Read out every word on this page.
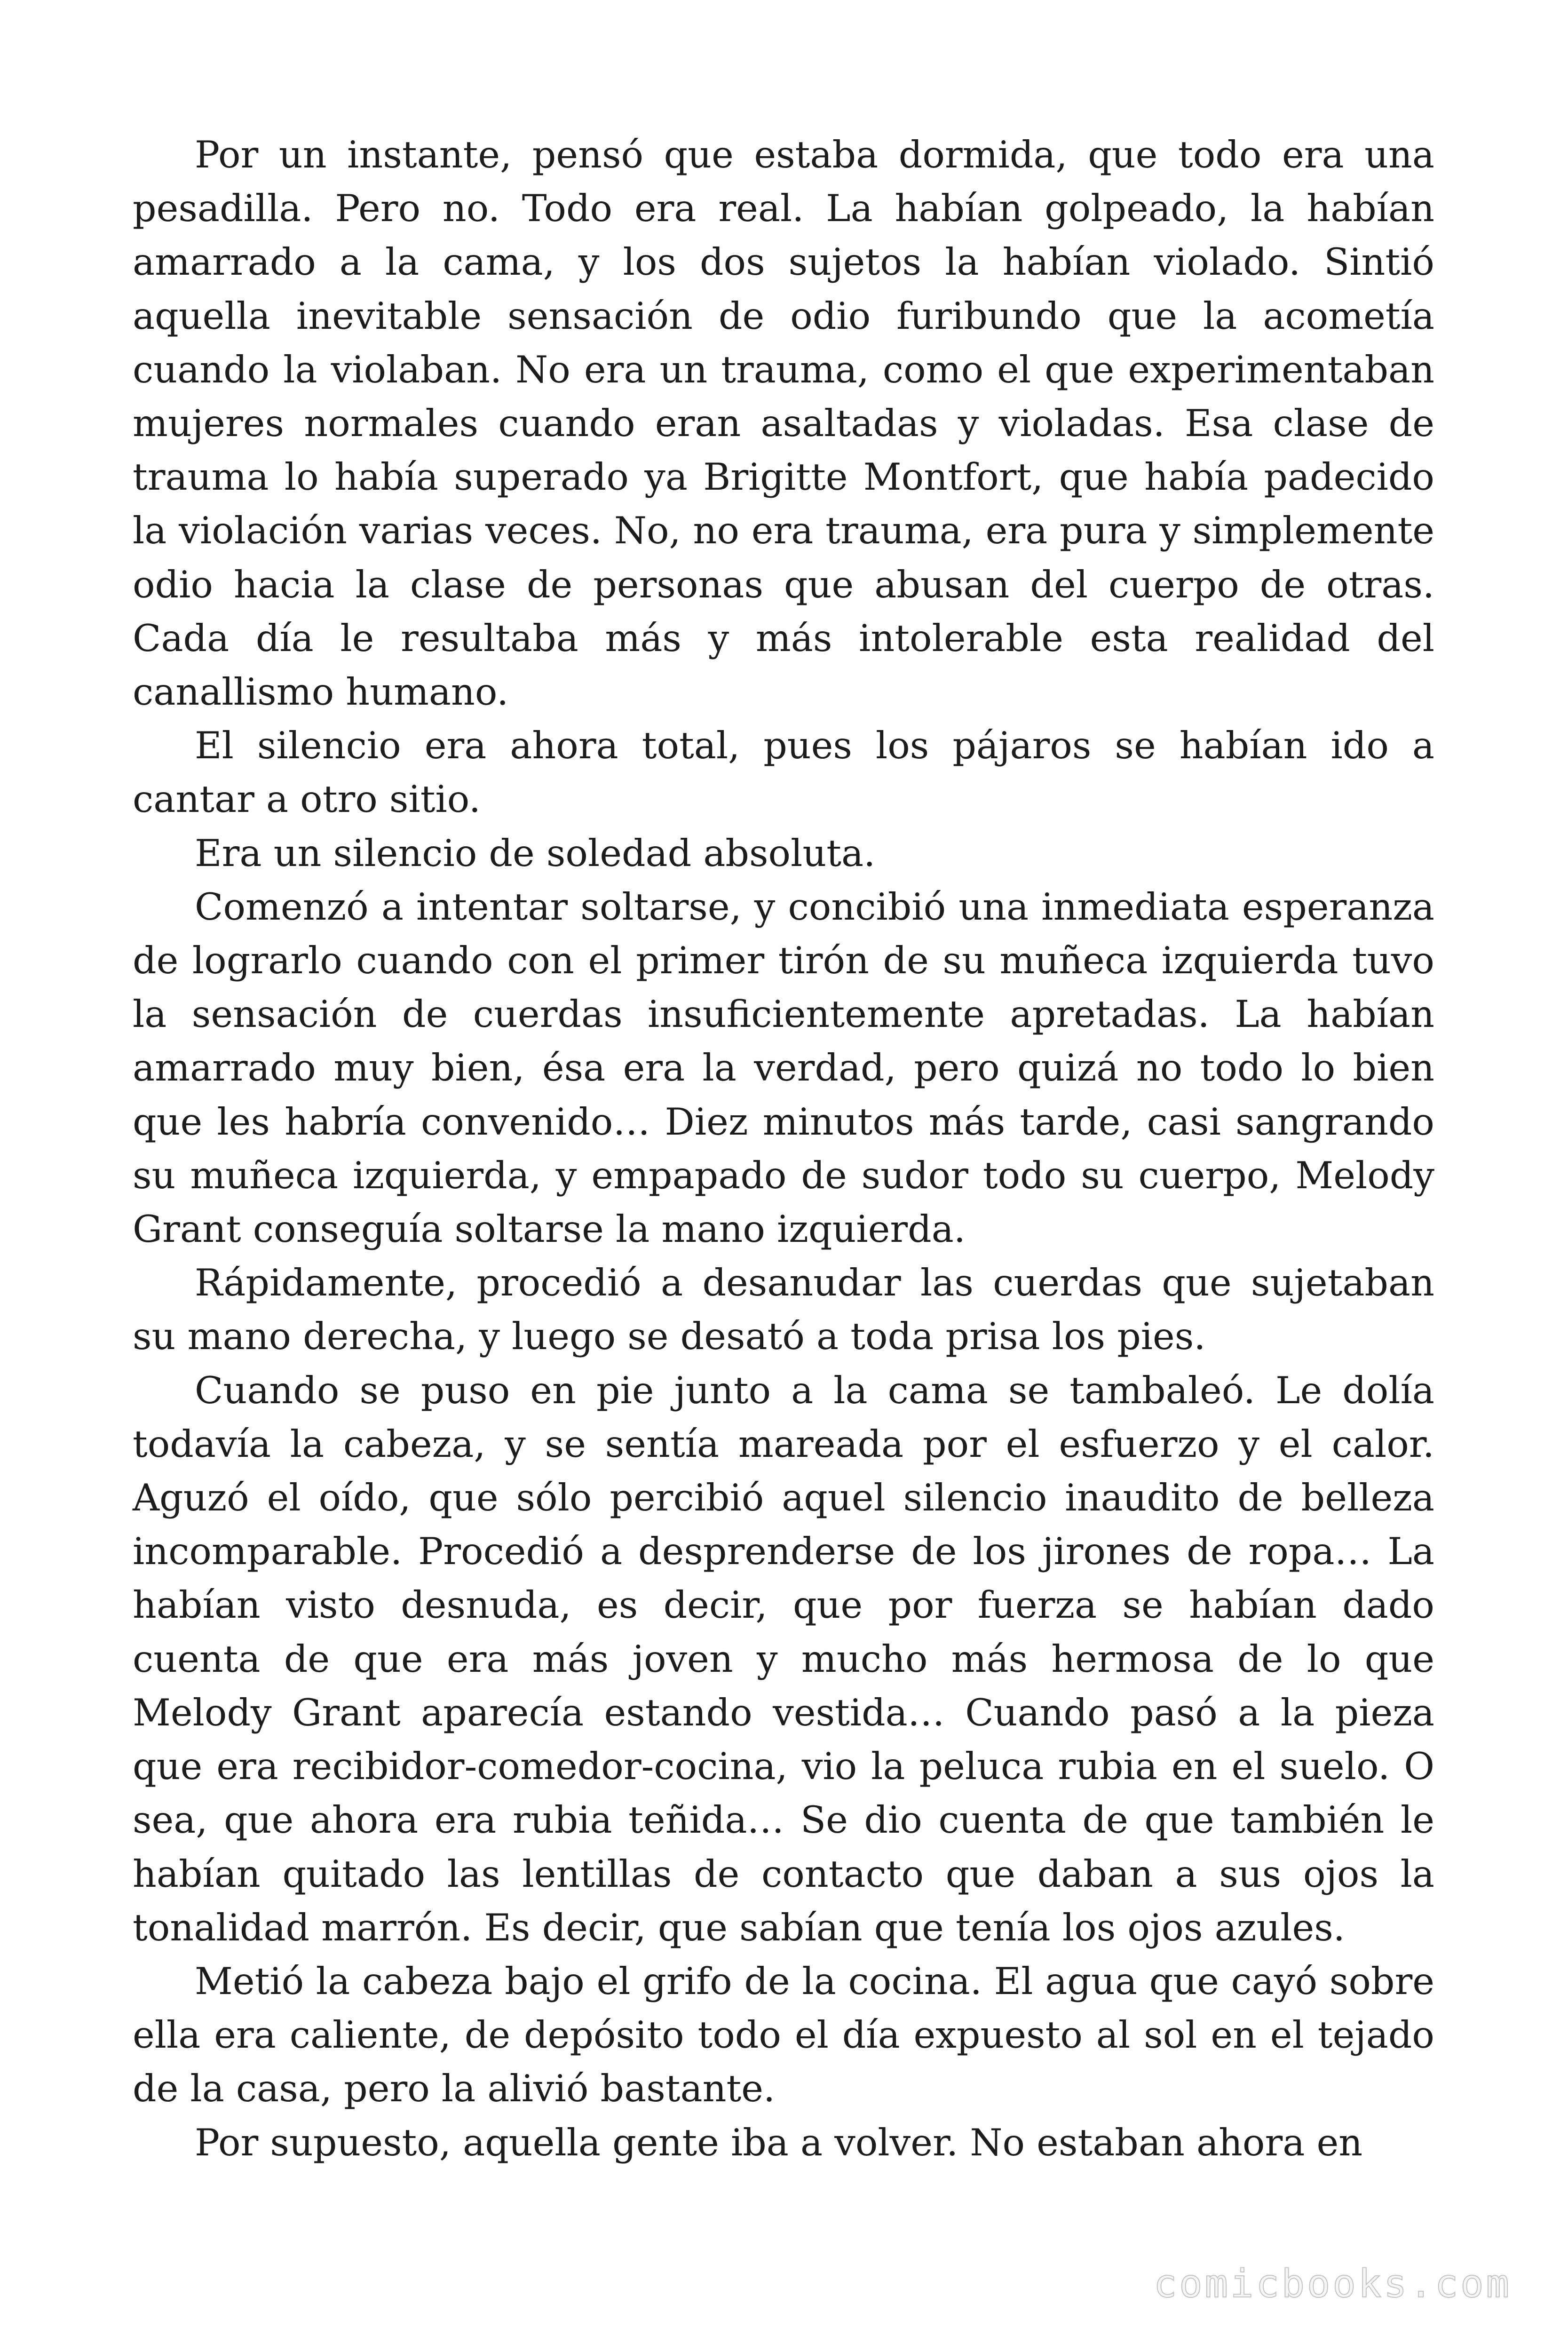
Por un instante, pensó que estaba dormida, que todo era una pesadilla. Pero no. Todo era real. La habían golpeado, la habían amarrado a la cama, y los dos sujetos la habían violado. Sintió aquella inevitable sensación de odio furibundo que la acometía cuando la violaban. No era un trauma, como el que experimentaban mujeres normales cuando eran asaltadas y violadas. Esa clase de trauma lo había superado ya Brigitte Montfort, que había padecido la violación varias veces. No, no era trauma, era pura y simplemente odio hacia la clase de personas que abusan del cuerpo de otras. Cada día le resultaba más y más intolerable esta realidad del canallismo humano.

El silencio era ahora total, pues los pájaros se habían ido a cantar a otro sitio.

Era un silencio de soledad absoluta.

Comenzó a intentar soltarse, y concibió una inmediata esperanza de lograrlo cuando con el primer tirón de su muñeca izquierda tuvo la sensación de cuerdas insuficientemente apretadas. La habían amarrado muy bien, ésa era la verdad, pero quizá no todo lo bien que les habría convenido… Diez minutos más tarde, casi sangrando su muñeca izquierda, y empapado de sudor todo su cuerpo, Melody Grant conseguía soltarse la mano izquierda.

Rápidamente, procedió a desanudar las cuerdas que sujetaban su mano derecha, y luego se desató a toda prisa los pies.

Cuando se puso en pie junto a la cama se tambaleó. Le dolía todavía la cabeza, y se sentía mareada por el esfuerzo y el calor. Aguzó el oído, que sólo percibió aquel silencio inaudito de belleza incomparable. Procedió a desprenderse de los jirones de ropa… La habían visto desnuda, es decir, que por fuerza se habían dado cuenta de que era más joven y mucho más hermosa de lo que Melody Grant aparecía estando vestida… Cuando pasó a la pieza que era recibidor-comedor-cocina, vio la peluca rubia en el suelo. O sea, que ahora era rubia teñida… Se dio cuenta de que también le habían quitado las lentillas de contacto que daban a sus ojos la tonalidad marrón. Es decir, que sabían que tenía los ojos azules.

Metió la cabeza bajo el grifo de la cocina. El agua que cayó sobre ella era caliente, de depósito todo el día expuesto al sol en el tejado de la casa, pero la alivió bastante.

Por supuesto, aquella gente iba a volver. No estaban ahora en

comicbooks.com
